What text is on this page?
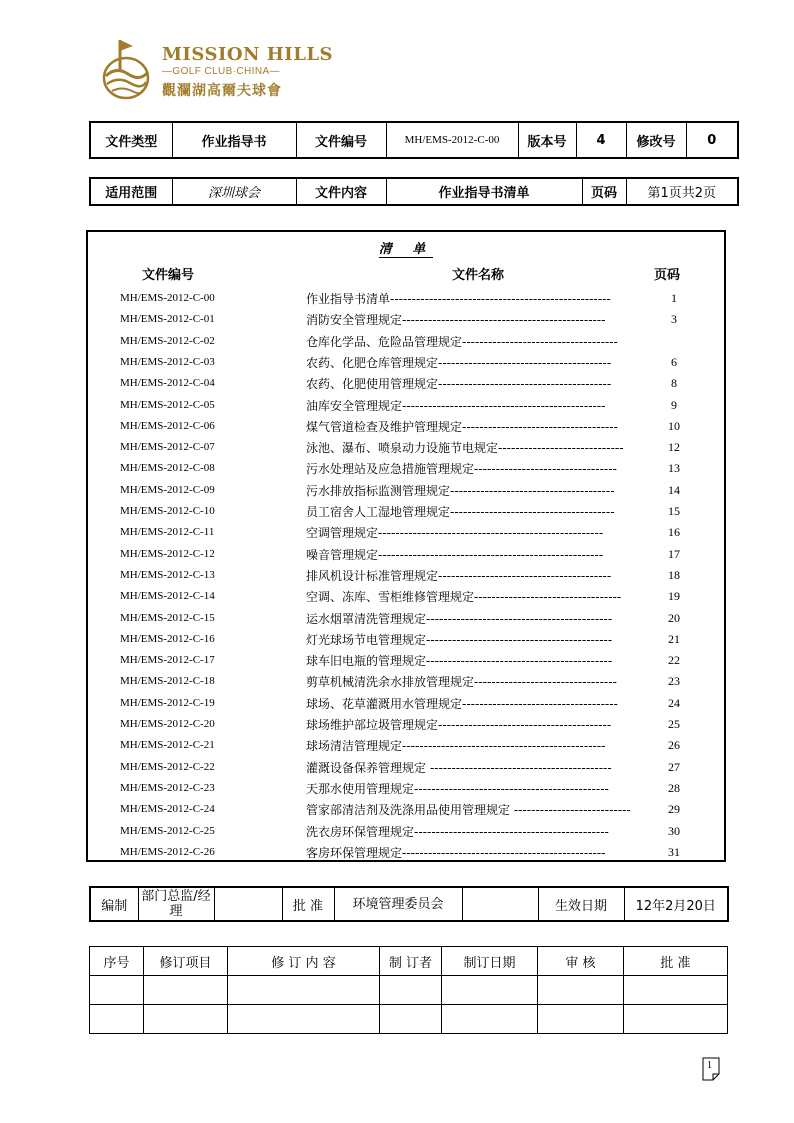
MISSION HILLS
—GOLF CLUB·CHINA—
觀瀾湖高爾夫球會
文件类型	作业指导书	文件编号	MH/EMS-2012-C-00	版本号	4	修改号	0
适用范围	深圳球会	文件内容	作业指导书清单	页码	第1页共2页
清 单
文件编号	文件名称	页码
MH/EMS-2012-C-00	作业指导书清单---------------------------------------------------	1
MH/EMS-2012-C-01	消防安全管理规定-----------------------------------------------	3
MH/EMS-2012-C-02	仓库化学品、危险品管理规定------------------------------------
MH/EMS-2012-C-03	农药、化肥仓库管理规定----------------------------------------	6
MH/EMS-2012-C-04	农药、化肥使用管理规定----------------------------------------	8
MH/EMS-2012-C-05	油库安全管理规定-----------------------------------------------	9
MH/EMS-2012-C-06	煤气管道检查及维护管理规定------------------------------------	10
MH/EMS-2012-C-07	泳池、瀑布、喷泉动力设施节电规定-----------------------------	12
MH/EMS-2012-C-08	污水处理站及应急措施管理规定---------------------------------	13
MH/EMS-2012-C-09	污水排放指标监测管理规定--------------------------------------	14
MH/EMS-2012-C-10	员工宿舍人工湿地管理规定--------------------------------------	15
MH/EMS-2012-C-11	空调管理规定----------------------------------------------------	16
MH/EMS-2012-C-12	噪音管理规定----------------------------------------------------	17
MH/EMS-2012-C-13	排风机设计标准管理规定----------------------------------------	18
MH/EMS-2012-C-14	空调、冻库、雪柜维修管理规定----------------------------------	19
MH/EMS-2012-C-15	运水烟罩清洗管理规定-------------------------------------------	20
MH/EMS-2012-C-16	灯光球场节电管理规定-------------------------------------------	21
MH/EMS-2012-C-17	球车旧电瓶的管理规定-------------------------------------------	22
MH/EMS-2012-C-18	剪草机械清洗余水排放管理规定---------------------------------	23
MH/EMS-2012-C-19	球场、花草灌溉用水管理规定------------------------------------	24
MH/EMS-2012-C-20	球场维护部垃圾管理规定----------------------------------------	25
MH/EMS-2012-C-21	球场清洁管理规定-----------------------------------------------	26
MH/EMS-2012-C-22	灌溉设备保养管理规定 ------------------------------------------	27
MH/EMS-2012-C-23	天那水使用管理规定---------------------------------------------	28
MH/EMS-2012-C-24	管家部清洁剂及洗涤用品使用管理规定 ---------------------------	29
MH/EMS-2012-C-25	洗衣房环保管理规定---------------------------------------------	30
MH/EMS-2012-C-26	客房环保管理规定-----------------------------------------------	31
编制	部门总监/经理		批 准	环境管理委员会		生效日期	12年2月20日
序号	修订项目	修 订 内 容	制 订者	制订日期	审 核	批 准

1
